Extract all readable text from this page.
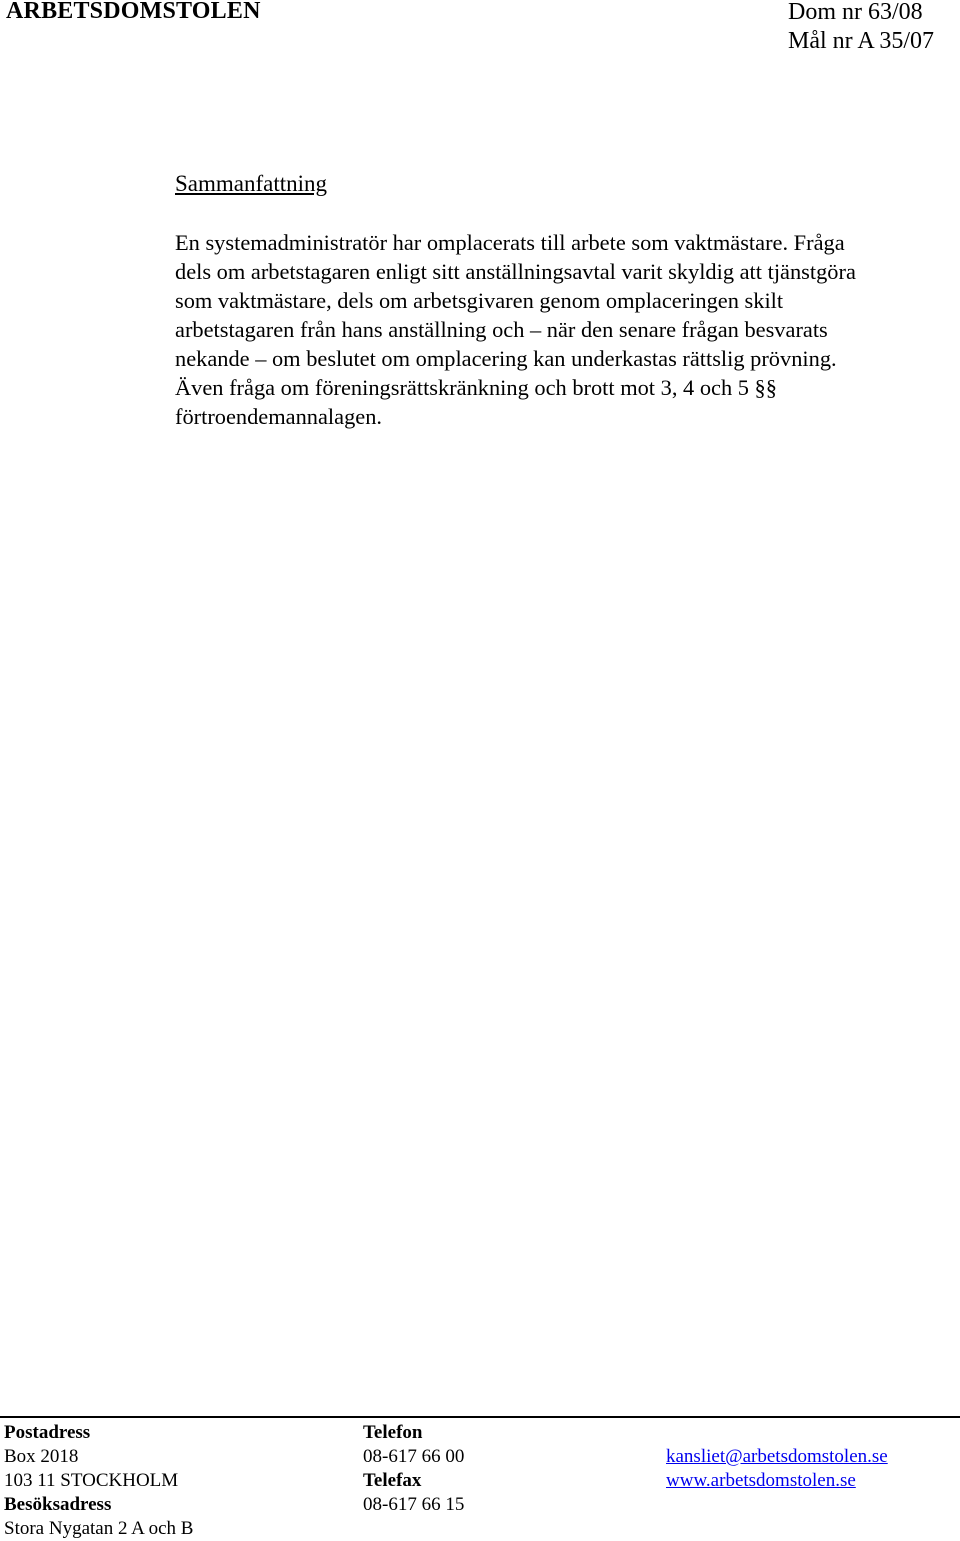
ARBETSDOMSTOLEN	Dom nr 63/08
Mål nr A 35/07
Sammanfattning

En systemadministratör har omplacerats till arbete som vaktmästare. Fråga
dels om arbetstagaren enligt sitt anställningsavtal varit skyldig att tjänstgöra
som vaktmästare, dels om arbetsgivaren genom omplaceringen skilt
arbetstagaren från hans anställning och – när den senare frågan besvarats
nekande – om beslutet om omplacering kan underkastas rättslig prövning.
Även fråga om föreningsrättskränkning och brott mot 3, 4 och 5 §§
förtroendemannalagen.

Postadress
Box 2018
103 11 STOCKHOLM
Besöksadress
Stora Nygatan 2 A och B
Telefon
08-617 66 00
Telefax
08-617 66 15
kansliet@arbetsdomstolen.se
www.arbetsdomstolen.se
